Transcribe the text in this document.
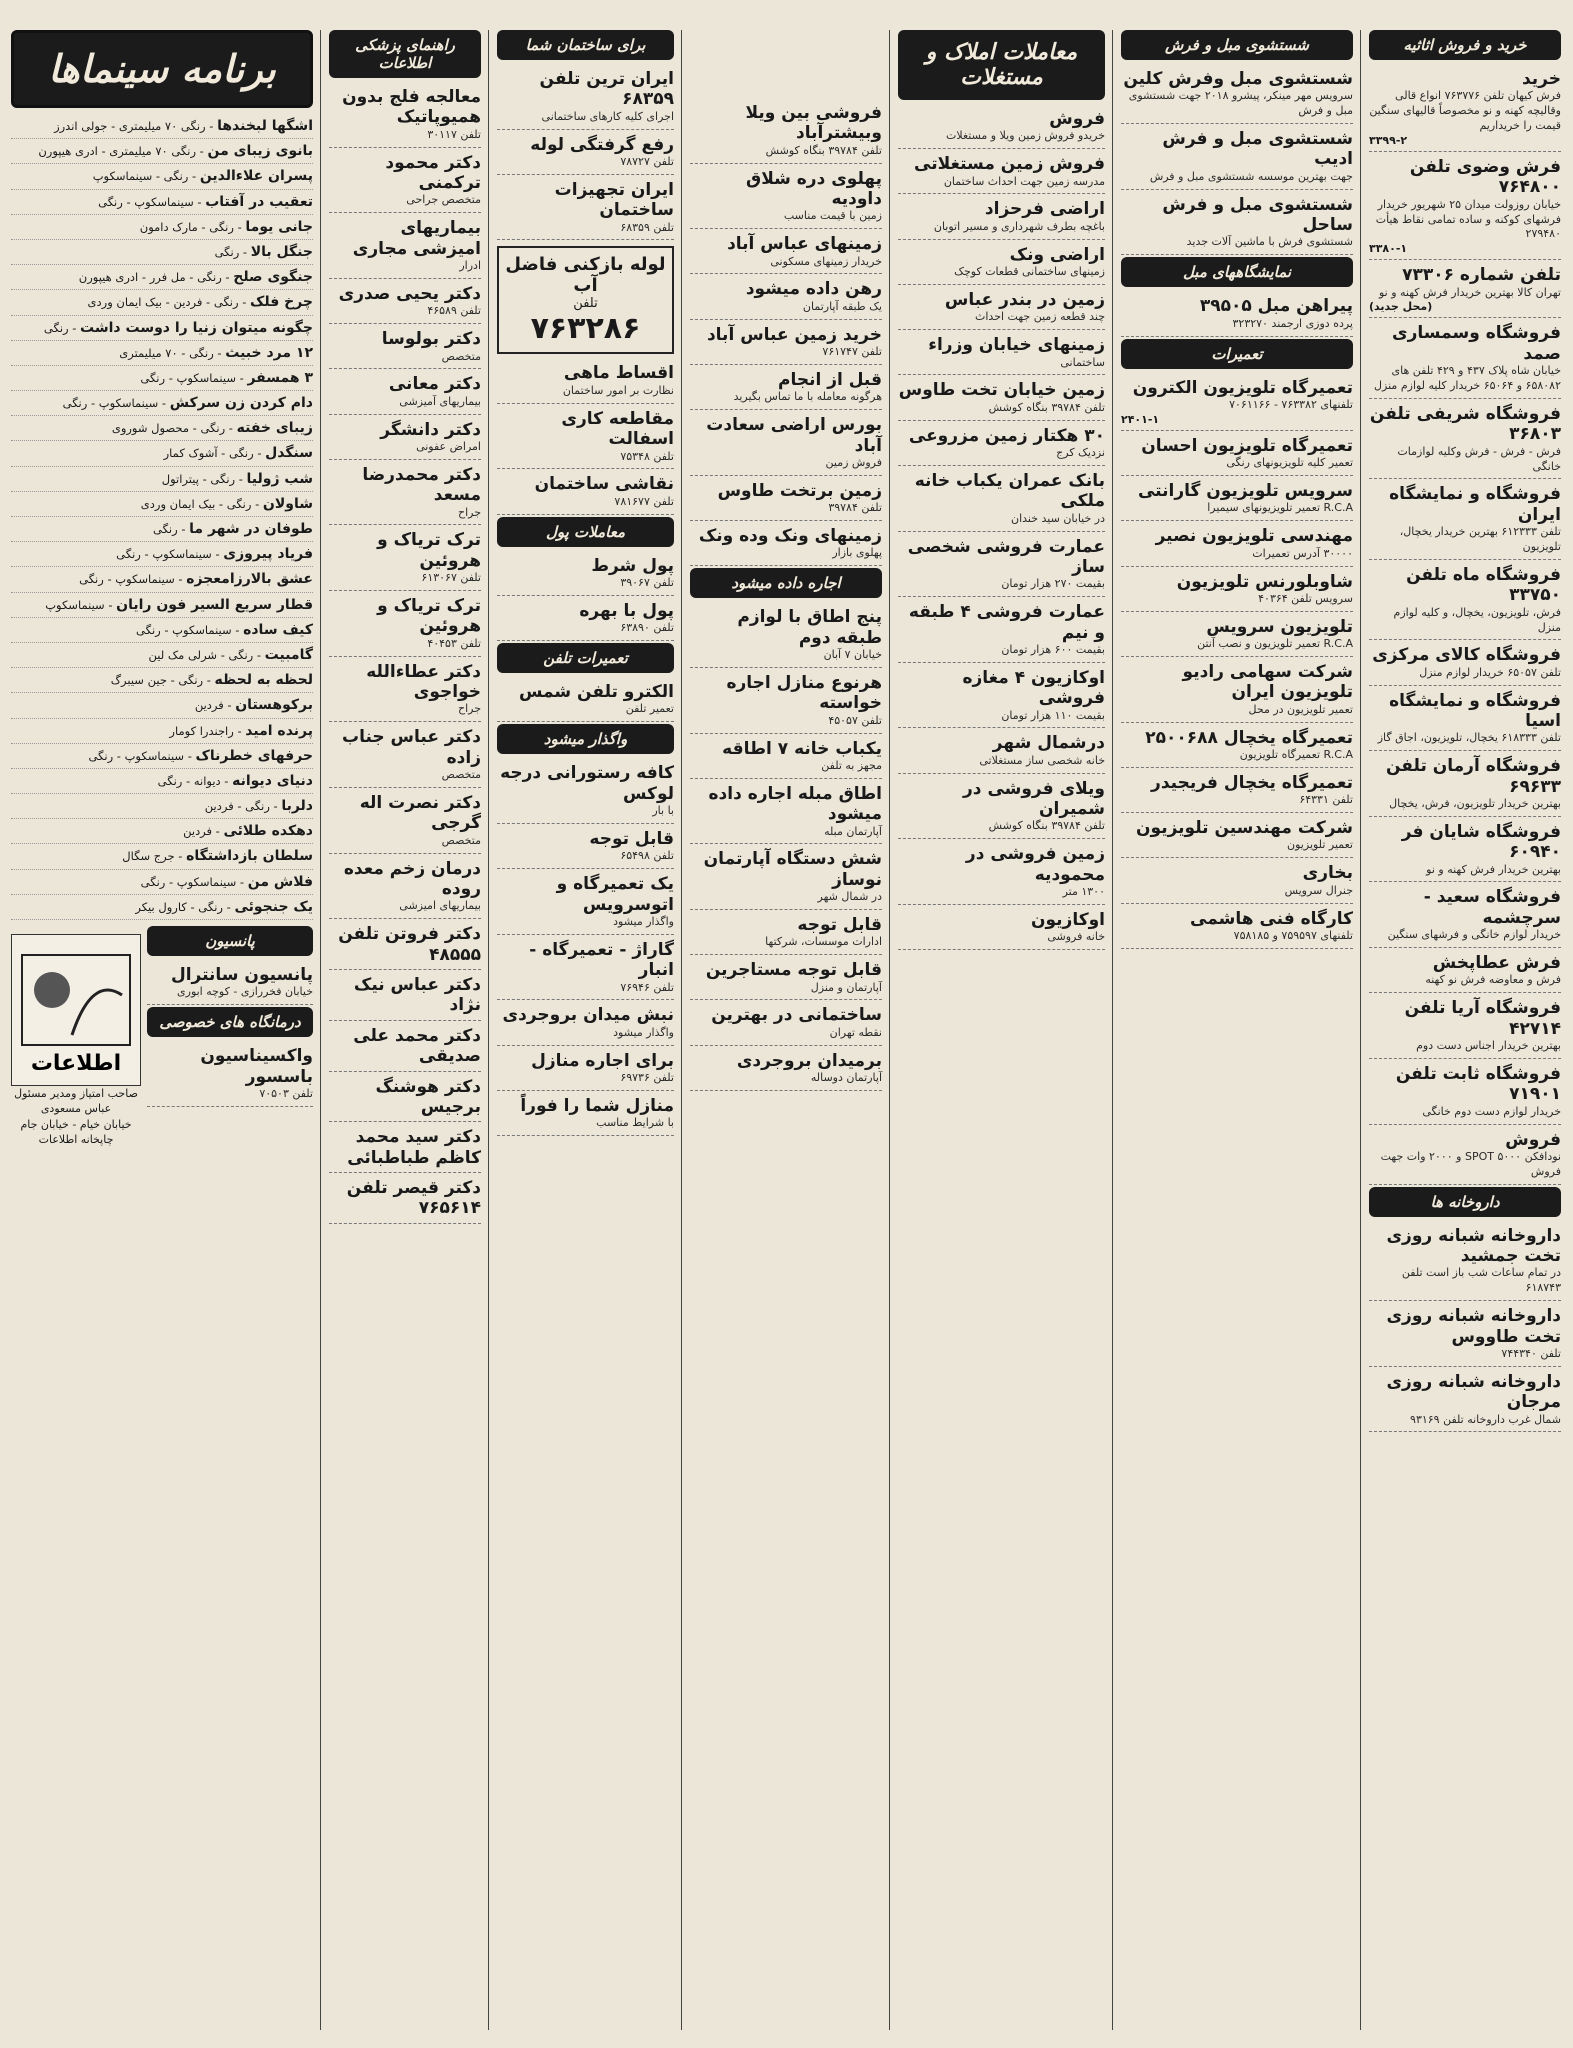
خرید و فروش اثاثیه
خرید
فرش کیهان تلفن ۷۶۳۷۷۶ انواع قالی وقالیچه کهنه و نو مخصوصاً قالیهای سنگین قیمت را خریداریم
۳۳۹۹-۲
فرش وضوی تلفن ۷۶۴۸۰۰
خیابان روزولت میدان ۲۵ شهریور خریدار فرشهای کوکنه و ساده تمامی نقاط هیأت ۲۷۹۴۸۰
۳۳۸۰-۱
تلفن شماره ۷۳۳۰۶
تهران کالا بهترین خریدار فرش کهنه و نو
(محل جدید)
فروشگاه وسمساری صمد
خیابان شاه پلاک ۴۳۷ و ۴۲۹ تلفن های ۶۵۸۰۸۲ و ۶۵۰۶۴ خریدار کلیه لوازم منزل
فروشگاه شریفی تلفن ۳۶۸۰۳
فرش - فرش - فرش وکلیه لوازمات خانگی
فروشگاه و نمایشگاه ایران
تلفن ۶۱۲۳۳۳ بهترین خریدار یخچال، تلویزیون
فروشگاه ماه تلفن ۳۳۷۵۰
فرش، تلویزیون، یخچال، و کلیه لوازم منزل
فروشگاه کالای مرکزی
تلفن ۶۵۰۵۷ خریدار لوازم منزل
فروشگاه و نمایشگاه اسیا
تلفن ۶۱۸۳۳۳ یخچال، تلویزیون، اجاق گاز
فروشگاه آرمان تلفن ۶۹۶۳۳
بهترین خریدار تلویزیون، فرش، یخچال
فروشگاه شایان فر ۶۰۹۴۰
بهترین خریدار فرش کهنه و نو
فروشگاه سعید - سرچشمه
خریدار لوازم خانگی و فرشهای سنگین
فرش عطاپخش
فرش و معاوضه فرش نو کهنه
فروشگاه آریا تلفن ۴۲۷۱۴
بهترین خریدار اجناس دست دوم
فروشگاه ثابت تلفن ۷۱۹۰۱
خریدار لوازم دست دوم خانگی
فروش
نودافکن SPOT ۵۰۰۰ و ۲۰۰۰ وات جهت فروش
داروخانه ها
داروخانه شبانه روزی تخت جمشید
در تمام ساعات شب باز است تلفن ۶۱۸۷۴۳
داروخانه شبانه روزی تخت طاووس
تلفن ۷۴۴۳۴۰
داروخانه شبانه روزی مرجان
شمال غرب داروخانه تلفن ۹۳۱۶۹
شستشوی مبل و فرش
شستشوی مبل وفرش کلین
سرویس مهر مینکر، پیشرو ۲۰۱۸ جهت شستشوی مبل و فرش
شستشوی مبل و فرش ادیب
جهت بهترین موسسه شستشوی مبل و فرش
شستشوی مبل و فرش ساحل
شستشوی فرش با ماشین آلات جدید
نمایشگاههای مبل
پیراهن مبل ۳۹۵۰۵
پرده دوزی ارجمند ۳۲۳۲۷۰
تعمیرات
تعمیرگاه تلویزیون الکترون
تلفنهای ۷۶۳۳۸۲ - ۷۰۶۱۱۶۶
۲۴۰۱-۱
تعمیرگاه تلویزیون احسان
تعمیر کلیه تلویزیونهای رنگی
سرویس تلویزیون گارانتی
R.C.A تعمیر تلویزیونهای سیمیرا
مهندسی تلویزیون نصیر
۳۰۰۰۰ آدرس تعمیرات
شاوبلورنس تلویزیون
سرویس تلفن ۴۰۳۶۴
تلویزیون سرویس
R.C.A تعمیر تلویزیون و نصب آنتن
شرکت سهامی رادیو تلویزیون ایران
تعمیر تلویزیون در محل
تعمیرگاه یخچال ۲۵۰۰۶۸۸
R.C.A تعمیرگاه تلویزیون
تعمیرگاه یخچال فریجیدر
تلفن ۶۴۳۳۱
شرکت مهندسین تلویزیون
تعمیر تلویزیون
بخاری
جنرال سرویس
کارگاه فنی هاشمی
تلفنهای ۷۵۹۵۹۷ و ۷۵۸۱۸۵
معاملات املاک و مستغلات
فروش
خریدو فروش زمین ویلا و مستغلات
فروش زمین مستغلاتی
مدرسه زمین جهت احداث ساختمان
اراضی فرحزاد
باغچه بطرف شهرداری و مسیر اتوبان
اراضی ونک
زمینهای ساختمانی قطعات کوچک
زمین در بندر عباس
چند قطعه زمین جهت احداث
زمینهای خیابان وزراء
ساختمانی
زمین خیابان تخت طاوس
تلفن ۳۹۷۸۴ بنگاه کوشش
۳۰ هکتار زمین مزروعی
نزدیک کرج
بانک عمران یکباب خانه ملکی
در خیابان سید خندان
عمارت فروشی شخصی ساز
بقیمت ۲۷۰ هزار تومان
عمارت فروشی ۴ طبقه و نیم
بقیمت ۶۰۰ هزار تومان
اوکازیون ۴ مغازه فروشی
بقیمت ۱۱۰ هزار تومان
درشمال شهر
خانه شخصی ساز مستغلاتی
ویلای فروشی در شمیران
تلفن ۳۹۷۸۴ بنگاه کوشش
زمین فروشی در محمودیه
۱۳۰۰ متر
اوکازیون
خانه فروشی
فروشی بین ویلا وبیشترآباد
تلفن ۳۹۷۸۴ بنگاه کوشش
پهلوی دره شلاق داودیه
زمین با قیمت مناسب
زمینهای عباس آباد
خریدار زمینهای مسکونی
رهن داده میشود
یک طبقه آپارتمان
خرید زمین عباس آباد
تلفن ۷۶۱۷۴۷
قبل از انجام
هرگونه معامله با ما تماس بگیرید
بورس اراضی سعادت آباد
فروش زمین
زمین برتخت طاوس
تلفن ۳۹۷۸۴
زمینهای ونک وده ونک
پهلوی بازار
اجاره داده میشود
پنج اطاق با لوازم طبقه دوم
خیابان ۷ آبان
هرنوع منازل اجاره خواسته
تلفن ۴۵۰۵۷
یکباب خانه ۷ اطاقه
مجهز به تلفن
اطاق مبله اجاره داده میشود
آپارتمان مبله
شش دستگاه آپارتمان نوساز
در شمال شهر
قابل توجه
ادارات موسسات، شرکتها
قابل توجه مستاجرین
آپارتمان و منزل
ساختمانی در بهترین
نقطه تهران
برمیدان بروجردی
آپارتمان دوساله
برای ساختمان شما
ایران ترین تلفن ۶۸۳۵۹
اجرای کلیه کارهای ساختمانی
رفع گرفتگی لوله
تلفن ۷۸۷۲۷
ایران تجهیزات ساختمان
تلفن ۶۸۳۵۹
لوله بازکنی فاضل آب
تلفن
۷۶۳۲۸۶
اقساط ماهی
نظارت بر امور ساختمان
مقاطعه کاری اسفالت
تلفن ۷۵۳۴۸
نقاشی ساختمان
تلفن ۷۸۱۶۷۷
معاملات پول
پول شرط
تلفن ۳۹۰۶۷
پول با بهره
تلفن ۶۳۸۹۰
تعمیرات تلفن
الکترو تلفن شمس
تعمیر تلفن
واگذار میشود
کافه رستورانی درجه لوکس
با بار
قابل توجه
تلفن ۶۵۴۹۸
یک تعمیرگاه و اتوسرویس
واگذار میشود
گاراژ - تعمیرگاه - انبار
تلفن ۷۶۹۴۶
نبش میدان بروجردی
واگذار میشود
برای اجاره منازل
تلفن ۶۹۷۳۶
منازل شما را فوراً
با شرایط مناسب
راهنمای پزشکی اطلاعات
معالجه فلج بدون همیوپاتیک
تلفن ۳۰۱۱۷
دکتر محمود ترکمنی
متخصص جراحی
بیماریهای امیزشی مجاری
ادرار
دکتر یحیی صدری
تلفن ۴۶۵۸۹
دکتر بولوسا
متخصص
دکتر معانی
بیماریهای آمیزشی
دکتر دانشگر
امراض عفونی
دکتر محمدرضا مسعد
جراح
ترک تریاک و هروئین
تلفن ۶۱۳۰۶۷
ترک تریاک و هروئین
تلفن ۴۰۴۵۳
دکتر عطاءالله خواجوی
جراح
دکتر عباس جناب زاده
متخصص
دکتر نصرت اله گرجی
متخصص
درمان زخم معده روده
بیماریهای امیزشی
دکتر فروتن تلفن ۴۸۵۵۵
دکتر عباس نیک نژاد
دکتر محمد علی صدیقی
دکتر هوشنگ برجیس
دکتر سید محمد کاظم طباطبائی
دکتر قیصر تلفن ۷۶۵۶۱۴
برنامه سینماها
اشگها لبخندها - رنگی ۷۰ میلیمتری - جولی اندرز
بانوی زیبای من - رنگی ۷۰ میلیمتری - ادری هیپورن
پسران علاءالدین - رنگی - سینماسکوپ
تعقیب در آفتاب - سینماسکوپ - رنگی
جانی یوما - رنگی - مارک دامون
جنگل بالا - رنگی
جنگوی صلح - رنگی - مل فرر - ادری هیپورن
چرخ فلک - رنگی - فردین - بیک ایمان وردی
چگونه میتوان زنیا را دوست داشت - رنگی
۱۲ مرد خبیث - رنگی - ۷۰ میلیمتری
۳ همسفر - سینماسکوپ - رنگی
دام کردن زن سرکش - سینماسکوپ - رنگی
زیبای خفته - رنگی - محصول شوروی
سنگدل - رنگی - آشوک کمار
شب ژولیا - رنگی - پیتراتول
شاولان - رنگی - بیک ایمان وردی
طوفان در شهر ما - رنگی
فریاد پیروزی - سینماسکوپ - رنگی
عشق بالارزامعجزه - سینماسکوپ - رنگی
قطار سریع السیر فون رایان - سینماسکوپ
کیف ساده - سینماسکوپ - رنگی
گامبیت - رنگی - شرلی مک لین
لحظه به لحظه - رنگی - جین سیبرگ
برکوهستان - فردین
پرنده امید - راجندرا کومار
حرفهای خطرناک - سینماسکوپ - رنگی
دنیای دیوانه - دیوانه - رنگی
دلربا - رنگی - فردین
دهکده طلائی - فردین
سلطان بازداشتگاه - جرج سگال
فلاش من - سینماسکوپ - رنگی
یک جنجوئی - رنگی - کارول بیکر
پانسیون
پانسیون سانترال
خیابان فخررازی - کوچه ابوری
درمانگاه های خصوصی
واکسیناسیون باسسور
تلفن ۷۰۵۰۳
اطلاعات
صاحب امتیاز ومدیر مسئول
عباس مسعودی
خیابان خیام - خیابان جام
چاپخانه اطلاعات
